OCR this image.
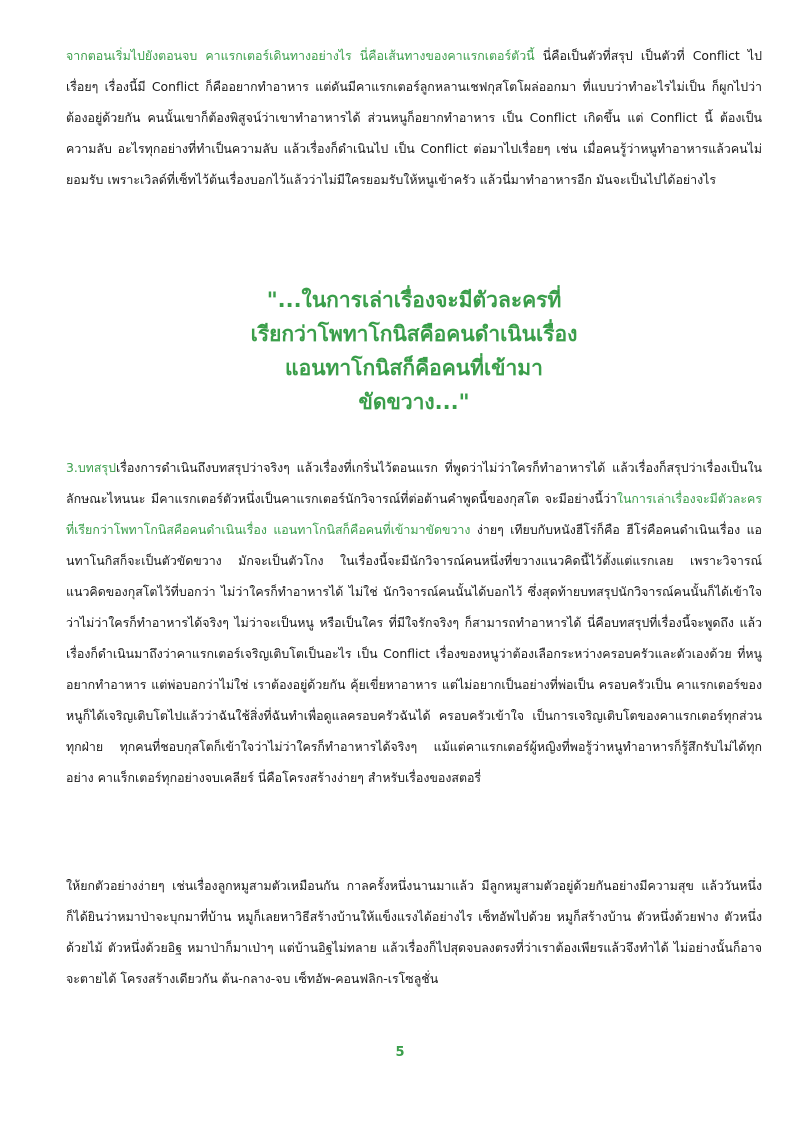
จากตอนเริ่มไปยังตอนจบ คาแรกเตอร์เดินทางอย่างไร นี่คือเส้นทางของคาแรกเตอร์ตัวนี้ นี่คือเป็นตัวที่สรุป เป็นตัวที่ Conflict ไปเรื่อยๆ เรื่องนี้มี Conflict ก็คืออยากทำอาหาร แต่ดันมีคาแรกเตอร์ลูกหลานเชฟกุสโตโผล่ออกมา ที่แบบว่าทำอะไรไม่เป็น ก็ผูกไปว่าต้องอยู่ด้วยกัน คนนั้นเขาก็ต้องพิสูจน์ว่าเขาทำอาหารได้ ส่วนหนูก็อยากทำอาหาร เป็น Conflict เกิดขึ้น แต่ Conflict นี้ ต้องเป็นความลับ อะไรทุกอย่างที่ทำเป็นความลับ แล้วเรื่องก็ดำเนินไป เป็น Conflict ต่อมาไปเรื่อยๆ เช่น เมื่อคนรู้ว่าหนูทำอาหารแล้วคนไม่ยอมรับ เพราะเวิลด์ที่เซ็ทไว้ต้นเรื่องบอกไว้แล้วว่าไม่มีใครยอมรับให้หนูเข้าครัว แล้วนี่มาทำอาหารอีก มันจะเป็นไปได้อย่างไร

"...ในการเล่าเรื่องจะมีตัวละครที่
เรียกว่าโพทาโกนิสคือคนดำเนินเรื่อง
แอนทาโกนิสก็คือคนที่เข้ามา
ขัดขวาง..."

3.บทสรุปเรื่องการดำเนินถึงบทสรุปว่าจริงๆ แล้วเรื่องที่เกริ่นไว้ตอนแรก ที่พูดว่าไม่ว่าใครก็ทำอาหารได้ แล้วเรื่องก็สรุปว่าเรื่องเป็นในลักษณะไหนนะ มีคาแรกเตอร์ตัวหนึ่งเป็นคาแรกเตอร์นักวิจารณ์ที่ต่อต้านคำพูดนี้ของกุสโต จะมีอย่างนี้ว่าในการเล่าเรื่องจะมีตัวละครที่เรียกว่าโพทาโกนิสคือคนดำเนินเรื่อง แอนทาโกนิสก็คือคนที่เข้ามาขัดขวาง ง่ายๆ เทียบกับหนังฮีโร่ก็คือ ฮีโร่คือคนดำเนินเรื่อง แอนทาโนกิสก็จะเป็นตัวขัดขวาง มักจะเป็นตัวโกง ในเรื่องนี้จะมีนักวิจารณ์คนหนึ่งที่ขวางแนวคิดนี้ไว้ตั้งแต่แรกเลย เพราะวิจารณ์แนวคิดของกุสโตไว้ที่บอกว่า ไม่ว่าใครก็ทำอาหารได้ ไม่ใช่ นักวิจารณ์คนนั้นได้บอกไว้ ซึ่งสุดท้ายบทสรุปนักวิจารณ์คนนั้นก็ได้เข้าใจว่าไม่ว่าใครก็ทำอาหารได้จริงๆ ไม่ว่าจะเป็นหนู หรือเป็นใคร ที่มีใจรักจริงๆ ก็สามารถทำอาหารได้ นี่คือบทสรุปที่เรื่องนี้จะพูดถึง แล้วเรื่องก็ดำเนินมาถึงว่าคาแรกเตอร์เจริญเติบโตเป็นอะไร เป็น Conflict เรื่องของหนูว่าต้องเลือกระหว่างครอบครัวและตัวเองด้วย ที่หนูอยากทำอาหาร แต่พ่อบอกว่าไม่ใช่ เราต้องอยู่ด้วยกัน คุ้ยเขี่ยหาอาหาร แต่ไม่อยากเป็นอย่างที่พ่อเป็น ครอบครัวเป็น คาแรกเตอร์ของหนูก็ได้เจริญเติบโตไปแล้วว่าฉันใช้สิ่งที่ฉันทำเพื่อดูแลครอบครัวฉันได้ ครอบครัวเข้าใจ เป็นการเจริญเติบโตของคาแรกเตอร์ทุกส่วน ทุกฝ่าย ทุกคนที่ชอบกุสโตก็เข้าใจว่าไม่ว่าใครก็ทำอาหารได้จริงๆ แม้แต่คาแรกเตอร์ผู้หญิงที่พอรู้ว่าหนูทำอาหารก็รู้สึกรับไม่ได้ทุกอย่าง คาแร็กเตอร์ทุกอย่างจบเคลียร์ นี่คือโครงสร้างง่ายๆ สำหรับเรื่องของสตอรี่

ให้ยกตัวอย่างง่ายๆ เช่นเรื่องลูกหมูสามตัวเหมือนกัน กาลครั้งหนึ่งนานมาแล้ว มีลูกหมูสามตัวอยู่ด้วยกันอย่างมีความสุข แล้ววันหนึ่งก็ได้ยินว่าหมาป่าจะบุกมาที่บ้าน หมูก็เลยหาวิธีสร้างบ้านให้แข็งแรงได้อย่างไร เซ็ทอัพไปด้วย หมูก็สร้างบ้าน ตัวหนึ่งด้วยฟาง ตัวหนึ่งด้วยไม้ ตัวหนึ่งด้วยอิฐ หมาป่าก็มาเป่าๆ แต่บ้านอิฐไม่ทลาย แล้วเรื่องก็ไปสุดจบลงตรงที่ว่าเราต้องเพียรแล้วจึงทำได้ ไม่อย่างนั้นก็อาจจะตายได้ โครงสร้างเดียวกัน ต้น-กลาง-จบ เซ็ทอัพ-คอนฟลิก-เรโซลูชั่น

5
